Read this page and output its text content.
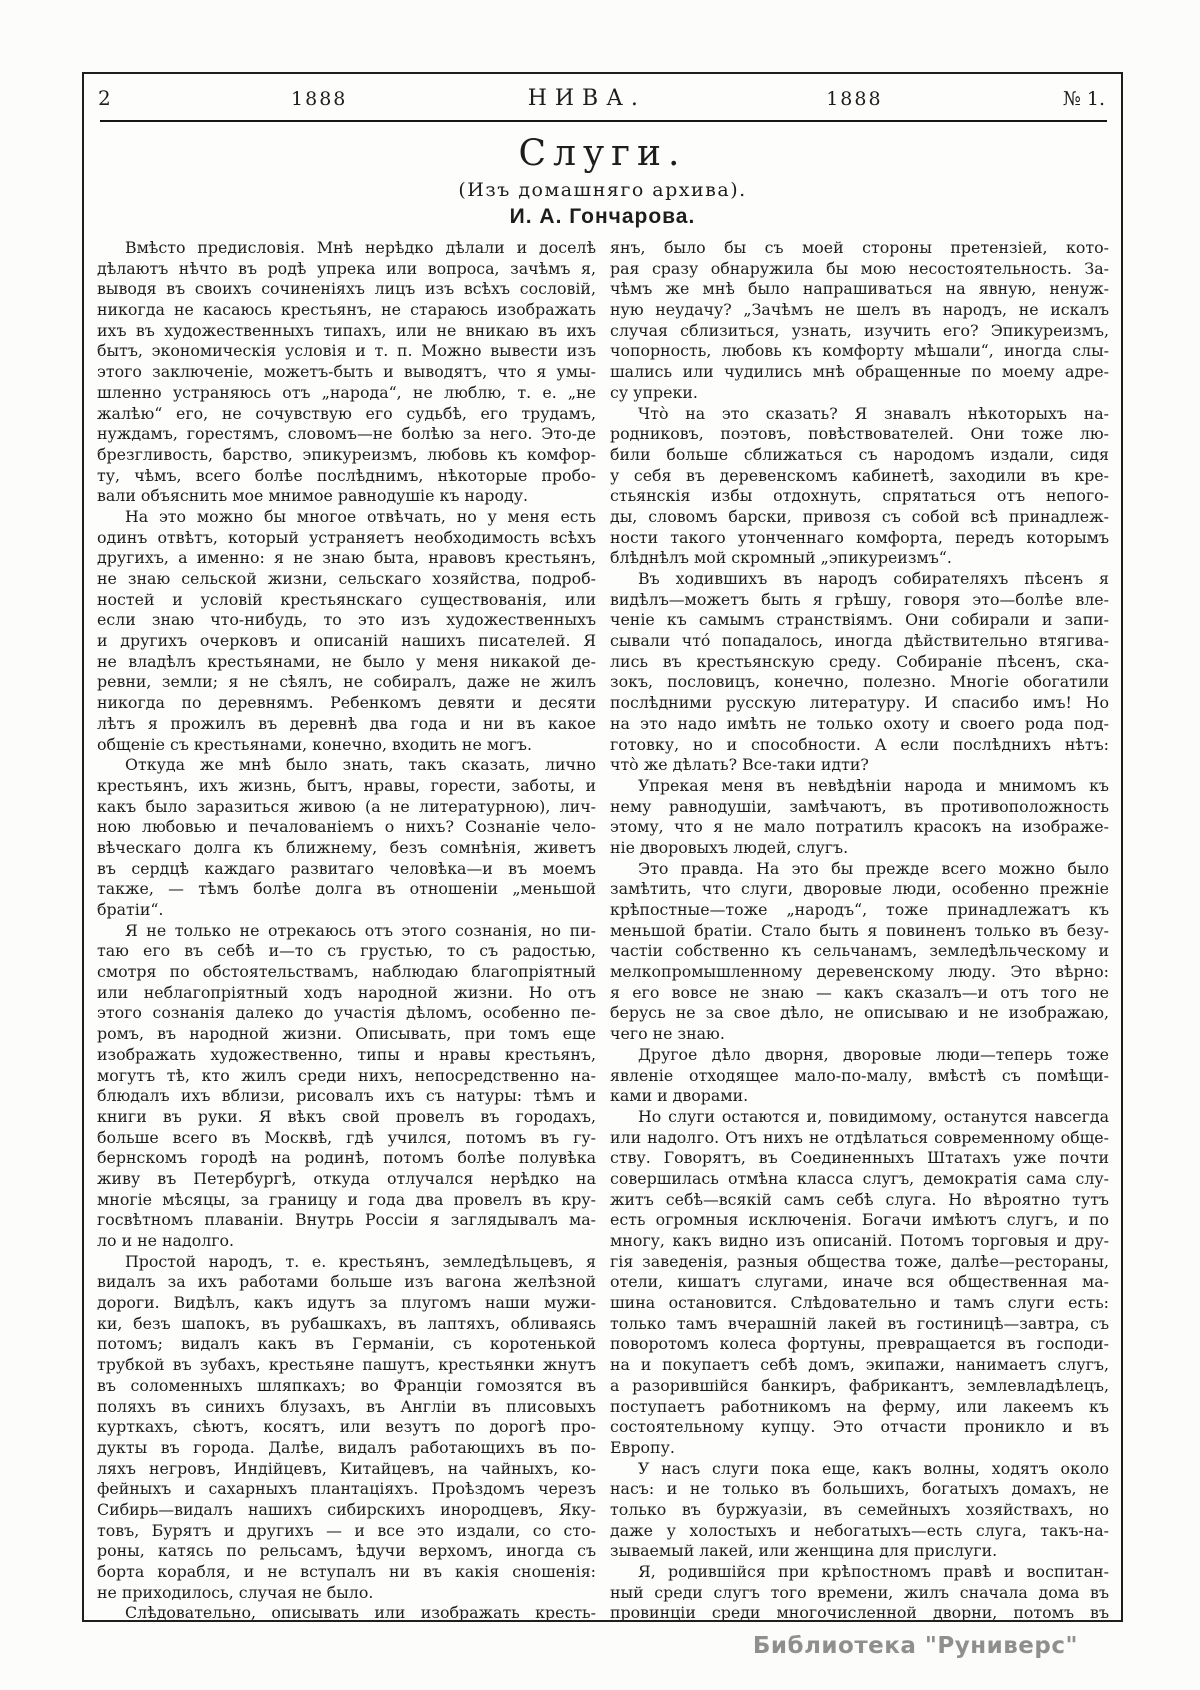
2	1888	НИВА.	1888	№ 1.
Слуги.
(Изъ домашняго архива).
И. А. Гончарова.
Вмѣсто предисловія. Мнѣ нерѣдко дѣлали и доселѣ
дѣлаютъ нѣчто въ родѣ упрека или вопроса, зачѣмъ я,
выводя въ своихъ сочиненіяхъ лицъ изъ всѣхъ сословій,
никогда не касаюсь крестьянъ, не стараюсь изображать
ихъ въ художественныхъ типахъ, или не вникаю въ ихъ
бытъ, экономическія условія и т. п. Можно вывести изъ
этого заключеніе, можетъ-быть и выводятъ, что я умы-
шленно устраняюсь отъ „народа“, не люблю, т. е. „не
жалѣю“ его, не сочувствую его судьбѣ, его трудамъ,
нуждамъ, горестямъ, словомъ—не болѣю за него. Это-де
брезгливость, барство, эпикуреизмъ, любовь къ комфор-
ту, чѣмъ, всего болѣе послѣднимъ, нѣкоторые пробо-
вали объяснить мое мнимое равнодушіе къ народу.
На это можно бы многое отвѣчать, но у меня есть
одинъ отвѣтъ, который устраняетъ необходимость всѣхъ
другихъ, а именно: я не знаю быта, нравовъ крестьянъ,
не знаю сельской жизни, сельскаго хозяйства, подроб-
ностей и условій крестьянскаго существованія, или
если знаю что-нибудь, то это изъ художественныхъ
и другихъ очерковъ и описаній нашихъ писателей. Я
не владѣлъ крестьянами, не было у меня никакой де-
ревни, земли; я не сѣялъ, не собиралъ, даже не жилъ
никогда по деревнямъ. Ребенкомъ девяти и десяти
лѣтъ я прожилъ въ деревнѣ два года и ни въ какое
общеніе съ крестьянами, конечно, входить не могъ.
Откуда же мнѣ было знать, такъ сказать, лично
крестьянъ, ихъ жизнь, бытъ, нравы, горести, заботы, и
какъ было заразиться живою (а не литературною), лич-
ною любовью и печалованіемъ о нихъ? Сознаніе чело-
вѣческаго долга къ ближнему, безъ сомнѣнія, живетъ
въ сердцѣ каждаго развитаго человѣка—и въ моемъ
также, — тѣмъ болѣе долга въ отношеніи „меньшой
братіи“.
Я не только не отрекаюсь отъ этого сознанія, но пи-
таю его въ себѣ и—то съ грустью, то съ радостью,
смотря по обстоятельствамъ, наблюдаю благопріятный
или неблагопріятный ходъ народной жизни. Но отъ
этого сознанія далеко до участія дѣломъ, особенно пе-
ромъ, въ народной жизни. Описывать, при томъ еще
изображать художественно, типы и нравы крестьянъ,
могутъ тѣ, кто жилъ среди нихъ, непосредственно на-
блюдалъ ихъ вблизи, рисовалъ ихъ съ натуры: тѣмъ и
книги въ руки. Я вѣкъ свой провелъ въ городахъ,
больше всего въ Москвѣ, гдѣ учился, потомъ въ гу-
бернскомъ городѣ на родинѣ, потомъ болѣе полувѣка
живу въ Петербургѣ, откуда отлучался нерѣдко на
многіе мѣсяцы, за границу и года два провелъ въ кру-
госвѣтномъ плаваніи. Внутрь Россіи я заглядывалъ ма-
ло и не надолго.
Простой народъ, т. е. крестьянъ, земледѣльцевъ, я
видалъ за ихъ работами больше изъ вагона желѣзной
дороги. Видѣлъ, какъ идутъ за плугомъ наши мужи-
ки, безъ шапокъ, въ рубашкахъ, въ лаптяхъ, обливаясь
потомъ; видалъ какъ въ Германіи, съ коротенькой
трубкой въ зубахъ, крестьяне пашутъ, крестьянки жнутъ
въ соломенныхъ шляпкахъ; во Франціи гомозятся въ
поляхъ въ синихъ блузахъ, въ Англіи въ плисовыхъ
курткахъ, сѣютъ, косятъ, или везутъ по дорогѣ про-
дукты въ города. Далѣе, видалъ работающихъ въ по-
ляхъ негровъ, Индійцевъ, Китайцевъ, на чайныхъ, ко-
фейныхъ и сахарныхъ плантаціяхъ. Проѣздомъ черезъ
Сибирь—видалъ нашихъ сибирскихъ инородцевъ, Яку-
товъ, Бурятъ и другихъ — и все это издали, со сто-
роны, катясь по рельсамъ, ѣдучи верхомъ, иногда съ
борта корабля, и не вступалъ ни въ какія сношенія:
не приходилось, случая не было.
Слѣдовательно, описывать или изображать кресть-
янъ, было бы съ моей стороны претензіей, кото-
рая сразу обнаружила бы мою несостоятельность. За-
чѣмъ же мнѣ было напрашиваться на явную, ненуж-
ную неудачу? „Зачѣмъ не шелъ въ народъ, не искалъ
случая сблизиться, узнать, изучить его? Эпикуреизмъ,
чопорность, любовь къ комфорту мѣшали“, иногда слы-
шались или чудились мнѣ обращенные по моему адре-
су упреки.
Что̀ на это сказать? Я знавалъ нѣкоторыхъ на-
родниковъ, поэтовъ, повѣствователей. Они тоже лю-
били больше сближаться съ народомъ издали, сидя
у себя въ деревенскомъ кабинетѣ, заходили въ кре-
стьянскія избы отдохнуть, спрятаться отъ непого-
ды, словомъ барски, привозя съ собой всѣ принадлеж-
ности такого утонченнаго комфорта, передъ которымъ
блѣднѣлъ мой скромный „эпикуреизмъ“.
Въ ходившихъ въ народъ собирателяхъ пѣсенъ я
видѣлъ—можетъ быть я грѣшу, говоря это—болѣе вле-
ченіе къ самымъ странствіямъ. Они собирали и запи-
сывали что́ попадалось, иногда дѣйствительно втягива-
лись въ крестьянскую среду. Собираніе пѣсенъ, ска-
зокъ, пословицъ, конечно, полезно. Многіе обогатили
послѣдними русскую литературу. И спасибо имъ! Но
на это надо имѣть не только охоту и своего рода под-
готовку, но и способности. А если послѣднихъ нѣтъ:
что̀ же дѣлать? Все-таки идти?
Упрекая меня въ невѣдѣніи народа и мнимомъ къ
нему равнодушіи, замѣчаютъ, въ противоположность
этому, что я не мало потратилъ красокъ на изображе-
ніе дворовыхъ людей, слугъ.
Это правда. На это бы прежде всего можно было
замѣтить, что слуги, дворовые люди, особенно прежніе
крѣпостные—тоже „народъ“, тоже принадлежатъ къ
меньшой братіи. Стало быть я повиненъ только въ безу-
частіи собственно къ сельчанамъ, земледѣльческому и
мелкопромышленному деревенскому люду. Это вѣрно:
я его вовсе не знаю — какъ сказалъ—и отъ того не
берусь не за свое дѣло, не описываю и не изображаю,
чего не знаю.
Другое дѣло дворня, дворовые люди—теперь тоже
явленіе отходящее мало-по-малу, вмѣстѣ съ помѣщи-
ками и дворами.
Но слуги остаются и, повидимому, останутся навсегда
или надолго. Отъ нихъ не отдѣлаться современному обще-
ству. Говорятъ, въ Соединенныхъ Штатахъ уже почти
совершилась отмѣна класса слугъ, демократія сама слу-
житъ себѣ—всякій самъ себѣ слуга. Но вѣроятно тутъ
есть огромныя исключенія. Богачи имѣютъ слугъ, и по
многу, какъ видно изъ описаній. Потомъ торговыя и дру-
гія заведенія, разныя общества тоже, далѣе—рестораны,
отели, кишатъ слугами, иначе вся общественная ма-
шина остановится. Слѣдовательно и тамъ слуги есть:
только тамъ вчерашній лакей въ гостиницѣ—завтра, съ
поворотомъ колеса фортуны, превращается въ господи-
на и покупаетъ себѣ домъ, экипажи, нанимаетъ слугъ,
а разорившійся банкиръ, фабрикантъ, землевладѣлецъ,
поступаетъ работникомъ на ферму, или лакеемъ къ
состоятельному купцу. Это отчасти проникло и въ
Европу.
У насъ слуги пока еще, какъ волны, ходятъ около
насъ: и не только въ большихъ, богатыхъ домахъ, не
только въ буржуазіи, въ семейныхъ хозяйствахъ, но
даже у холостыхъ и небогатыхъ—есть слуга, такъ-на-
зываемый лакей, или женщина для прислуги.
Я, родившійся при крѣпостномъ правѣ и воспитан-
ный среди слугъ того времени, жилъ сначала дома въ
провинціи среди многочисленной дворни, потомъ въ
Библиотека "Руниверс"
